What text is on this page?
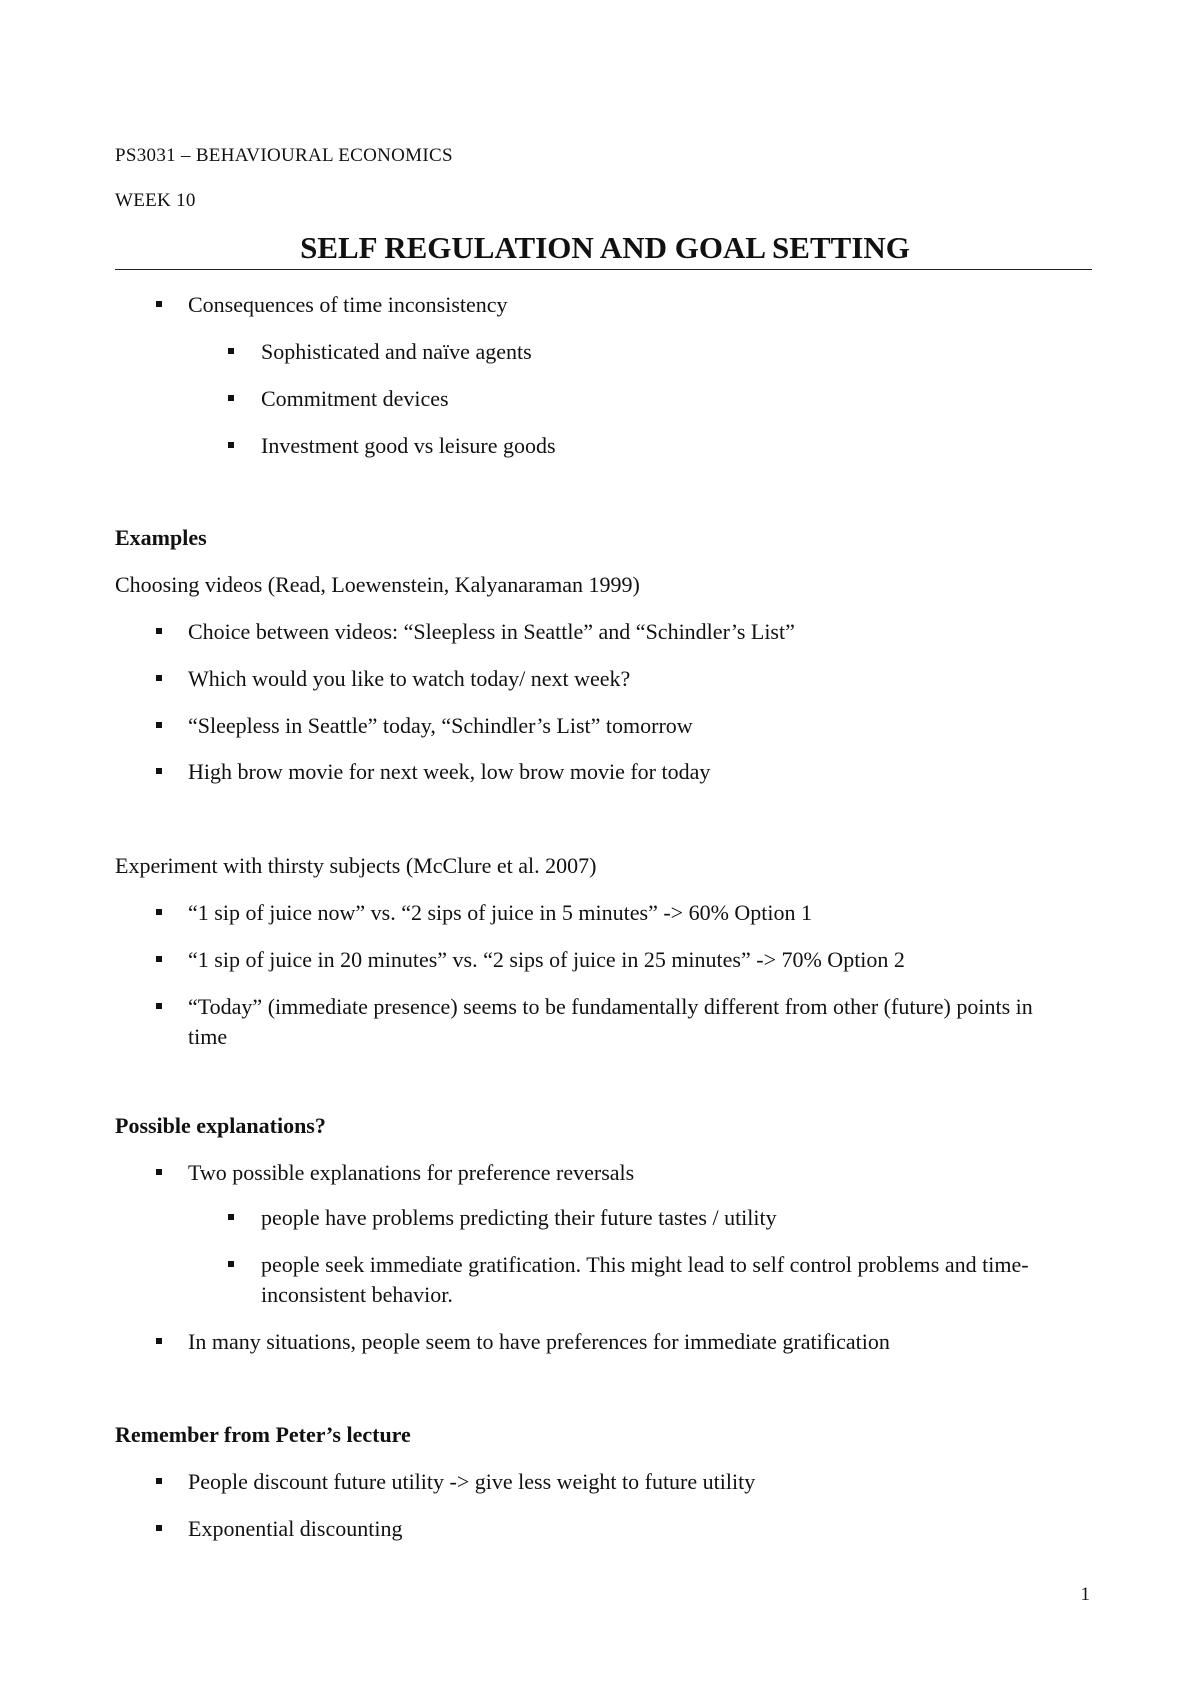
PS3031 – BEHAVIOURAL ECONOMICS
WEEK 10
SELF REGULATION AND GOAL SETTING
Consequences of time inconsistency
Sophisticated and naïve agents
Commitment devices
Investment good vs leisure goods
Examples
Choosing videos (Read, Loewenstein, Kalyanaraman 1999)
Choice between videos: “Sleepless in Seattle” and “Schindler’s List”
Which would you like to watch today/ next week?
“Sleepless in Seattle” today, “Schindler’s List” tomorrow
High brow movie for next week, low brow movie for today
Experiment with thirsty subjects (McClure et al. 2007)
“1 sip of juice now” vs. “2 sips of juice in 5 minutes” -> 60% Option 1
“1 sip of juice in 20 minutes” vs. “2 sips of juice in 25 minutes” -> 70% Option 2
“Today” (immediate presence) seems to be fundamentally different from other (future) points in time
Possible explanations?
Two possible explanations for preference reversals
people have problems predicting their future tastes / utility
people seek immediate gratification. This might lead to self control problems and time-inconsistent behavior.
In many situations, people seem to have preferences for immediate gratification
Remember from Peter’s lecture
People discount future utility -> give less weight to future utility
Exponential discounting
1
